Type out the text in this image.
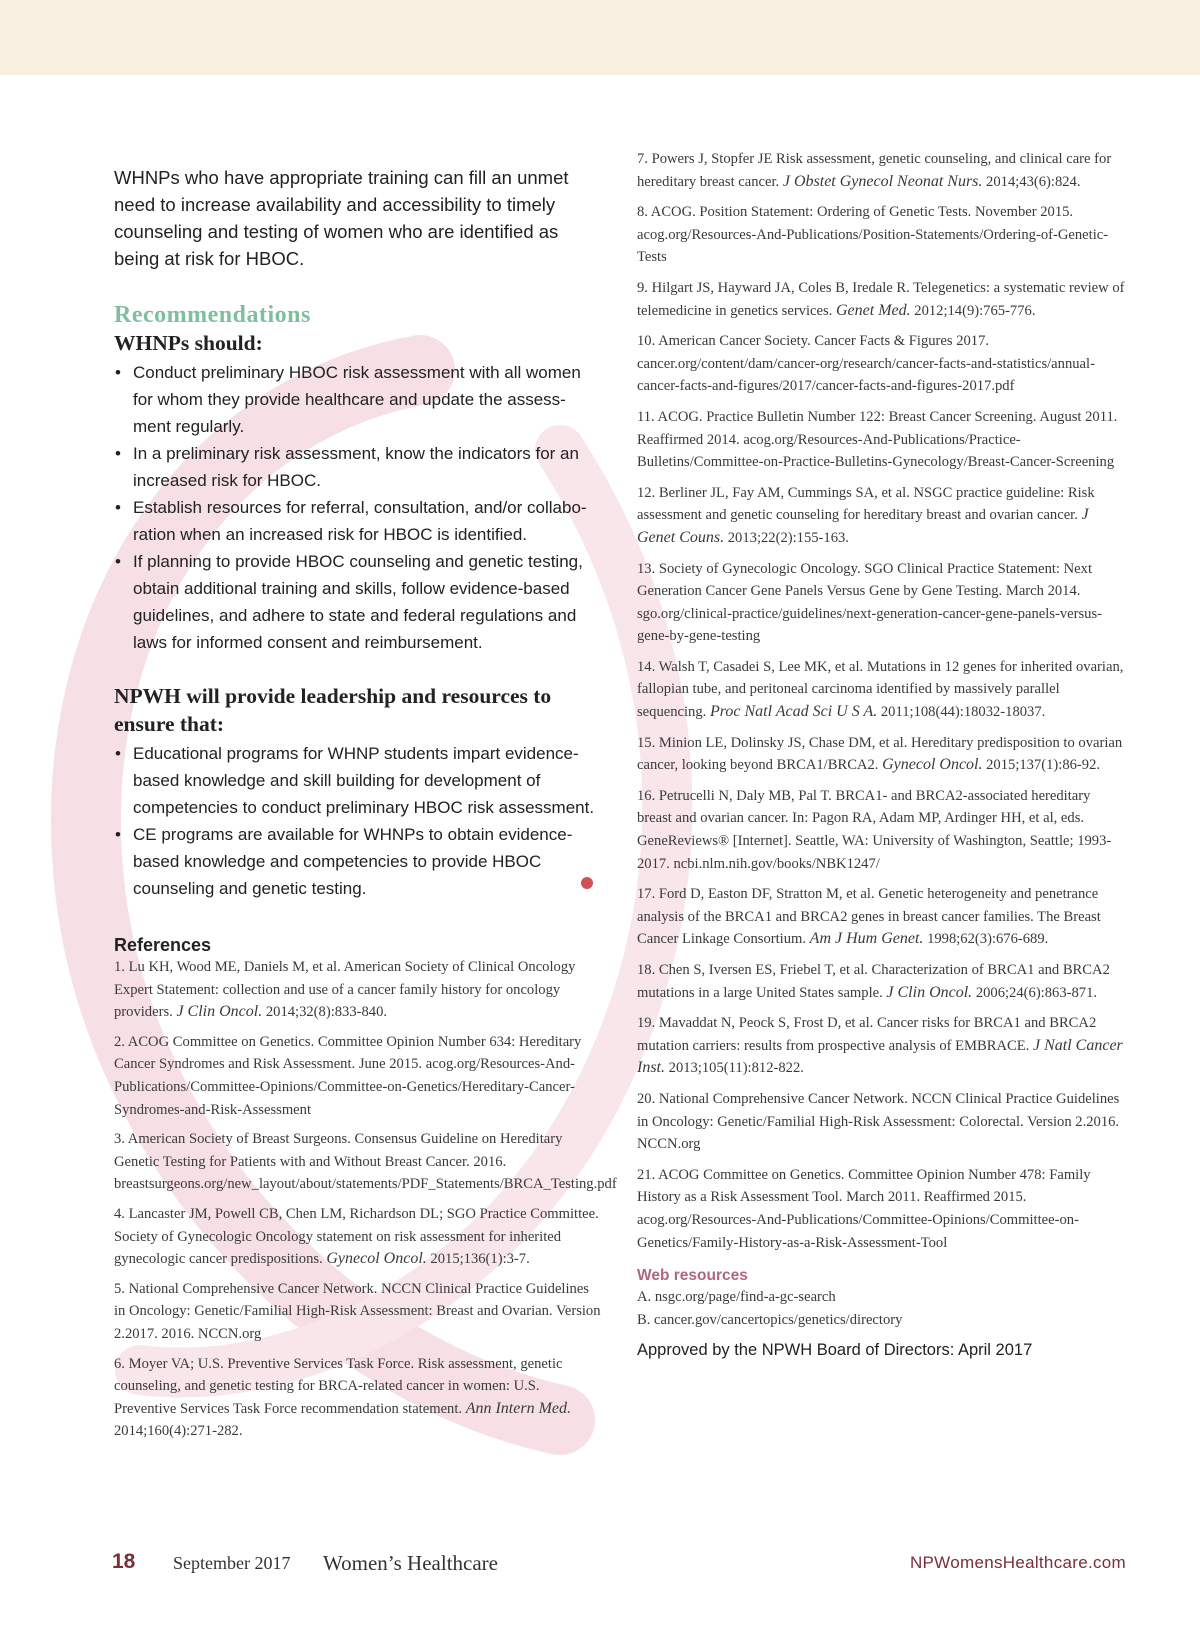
WHNPs who have appropriate training can fill an unmet need to increase availability and accessibility to timely counseling and testing of women who are identified as being at risk for HBOC.

Recommendations
WHNPs should:
• Conduct preliminary HBOC risk assessment with all women for whom they provide healthcare and update the assess-ment regularly.
• In a preliminary risk assessment, know the indicators for an increased risk for HBOC.
• Establish resources for referral, consultation, and/or collabo-ration when an increased risk for HBOC is identified.
• If planning to provide HBOC counseling and genetic testing, obtain additional training and skills, follow evidence-based guidelines, and adhere to state and federal regulations and laws for informed consent and reimbursement.
NPWH will provide leadership and resources to ensure that:
• Educational programs for WHNP students impart evidence-based knowledge and skill building for development of competencies to conduct preliminary HBOC risk assessment.
• CE programs are available for WHNPs to obtain evidence-based knowledge and competencies to provide HBOC counseling and genetic testing.
References
1. Lu KH, Wood ME, Daniels M, et al. American Society of Clinical Oncology Expert Statement: collection and use of a cancer family history for oncology providers. J Clin Oncol. 2014;32(8):833-840.
2. ACOG Committee on Genetics. Committee Opinion Number 634: Hereditary Cancer Syndromes and Risk Assessment. June 2015. acog.org/Resources-And-Publications/Committee-Opinions/Committee-on-Genetics/Hereditary-Cancer-Syndromes-and-Risk-Assessment
3. American Society of Breast Surgeons. Consensus Guideline on Hereditary Genetic Testing for Patients with and Without Breast Cancer. 2016. breastsurgeons.org/new_layout/about/statements/PDF_Statements/BRCA_Testing.pdf
4. Lancaster JM, Powell CB, Chen LM, Richardson DL; SGO Practice Committee. Society of Gynecologic Oncology statement on risk assessment for inherited gynecologic cancer predispositions. Gynecol Oncol. 2015;136(1):3-7.
5. National Comprehensive Cancer Network. NCCN Clinical Practice Guidelines in Oncology: Genetic/Familial High-Risk Assessment: Breast and Ovarian. Version 2.2017. 2016. NCCN.org
6. Moyer VA; U.S. Preventive Services Task Force. Risk assessment, genetic counseling, and genetic testing for BRCA-related cancer in women: U.S. Preventive Services Task Force recommendation statement. Ann Intern Med. 2014;160(4):271-282.
7. Powers J, Stopfer JE Risk assessment, genetic counseling, and clinical care for hereditary breast cancer. J Obstet Gynecol Neonat Nurs. 2014;43(6):824.
8. ACOG. Position Statement: Ordering of Genetic Tests. November 2015. acog.org/Resources-And-Publications/Position-Statements/Ordering-of-Genetic-Tests
9. Hilgart JS, Hayward JA, Coles B, Iredale R. Telegenetics: a systematic review of telemedicine in genetics services. Genet Med. 2012;14(9):765-776.
10. American Cancer Society. Cancer Facts & Figures 2017. cancer.org/content/dam/cancer-org/research/cancer-facts-and-statistics/annual-cancer-facts-and-figures/2017/cancer-facts-and-figures-2017.pdf
11. ACOG. Practice Bulletin Number 122: Breast Cancer Screening. August 2011. Reaffirmed 2014. acog.org/Resources-And-Publications/Practice-Bulletins/Committee-on-Practice-Bulletins-Gynecology/Breast-Cancer-Screening
12. Berliner JL, Fay AM, Cummings SA, et al. NSGC practice guideline: Risk assessment and genetic counseling for hereditary breast and ovarian cancer. J Genet Couns. 2013;22(2):155-163.
13. Society of Gynecologic Oncology. SGO Clinical Practice Statement: Next Generation Cancer Gene Panels Versus Gene by Gene Testing. March 2014. sgo.org/clinical-practice/guidelines/next-generation-cancer-gene-panels-versus-gene-by-gene-testing
14. Walsh T, Casadei S, Lee MK, et al. Mutations in 12 genes for inherited ovarian, fallopian tube, and peritoneal carcinoma identified by massively parallel sequencing. Proc Natl Acad Sci U S A. 2011;108(44):18032-18037.
15. Minion LE, Dolinsky JS, Chase DM, et al. Hereditary predisposition to ovarian cancer, looking beyond BRCA1/BRCA2. Gynecol Oncol. 2015;137(1):86-92.
16. Petrucelli N, Daly MB, Pal T. BRCA1- and BRCA2-associated hereditary breast and ovarian cancer. In: Pagon RA, Adam MP, Ardinger HH, et al, eds. GeneReviews® [Internet]. Seattle, WA: University of Washington, Seattle; 1993-2017. ncbi.nlm.nih.gov/books/NBK1247/
17. Ford D, Easton DF, Stratton M, et al. Genetic heterogeneity and penetrance analysis of the BRCA1 and BRCA2 genes in breast cancer families. The Breast Cancer Linkage Consortium. Am J Hum Genet. 1998;62(3):676-689.
18. Chen S, Iversen ES, Friebel T, et al. Characterization of BRCA1 and BRCA2 mutations in a large United States sample. J Clin Oncol. 2006;24(6):863-871.
19. Mavaddat N, Peock S, Frost D, et al. Cancer risks for BRCA1 and BRCA2 mutation carriers: results from prospective analysis of EMBRACE. J Natl Cancer Inst. 2013;105(11):812-822.
20. National Comprehensive Cancer Network. NCCN Clinical Practice Guidelines in Oncology: Genetic/Familial High-Risk Assessment: Colorectal. Version 2.2016. NCCN.org
21. ACOG Committee on Genetics. Committee Opinion Number 478: Family History as a Risk Assessment Tool. March 2011. Reaffirmed 2015. acog.org/Resources-And-Publications/Committee-Opinions/Committee-on-Genetics/Family-History-as-a-Risk-Assessment-Tool
Web resources
A. nsgc.org/page/find-a-gc-search
B. cancer.gov/cancertopics/genetics/directory

Approved by the NPWH Board of Directors: April 2017

18 September 2017 Women’s Healthcare	NPWomensHealthcare.com
